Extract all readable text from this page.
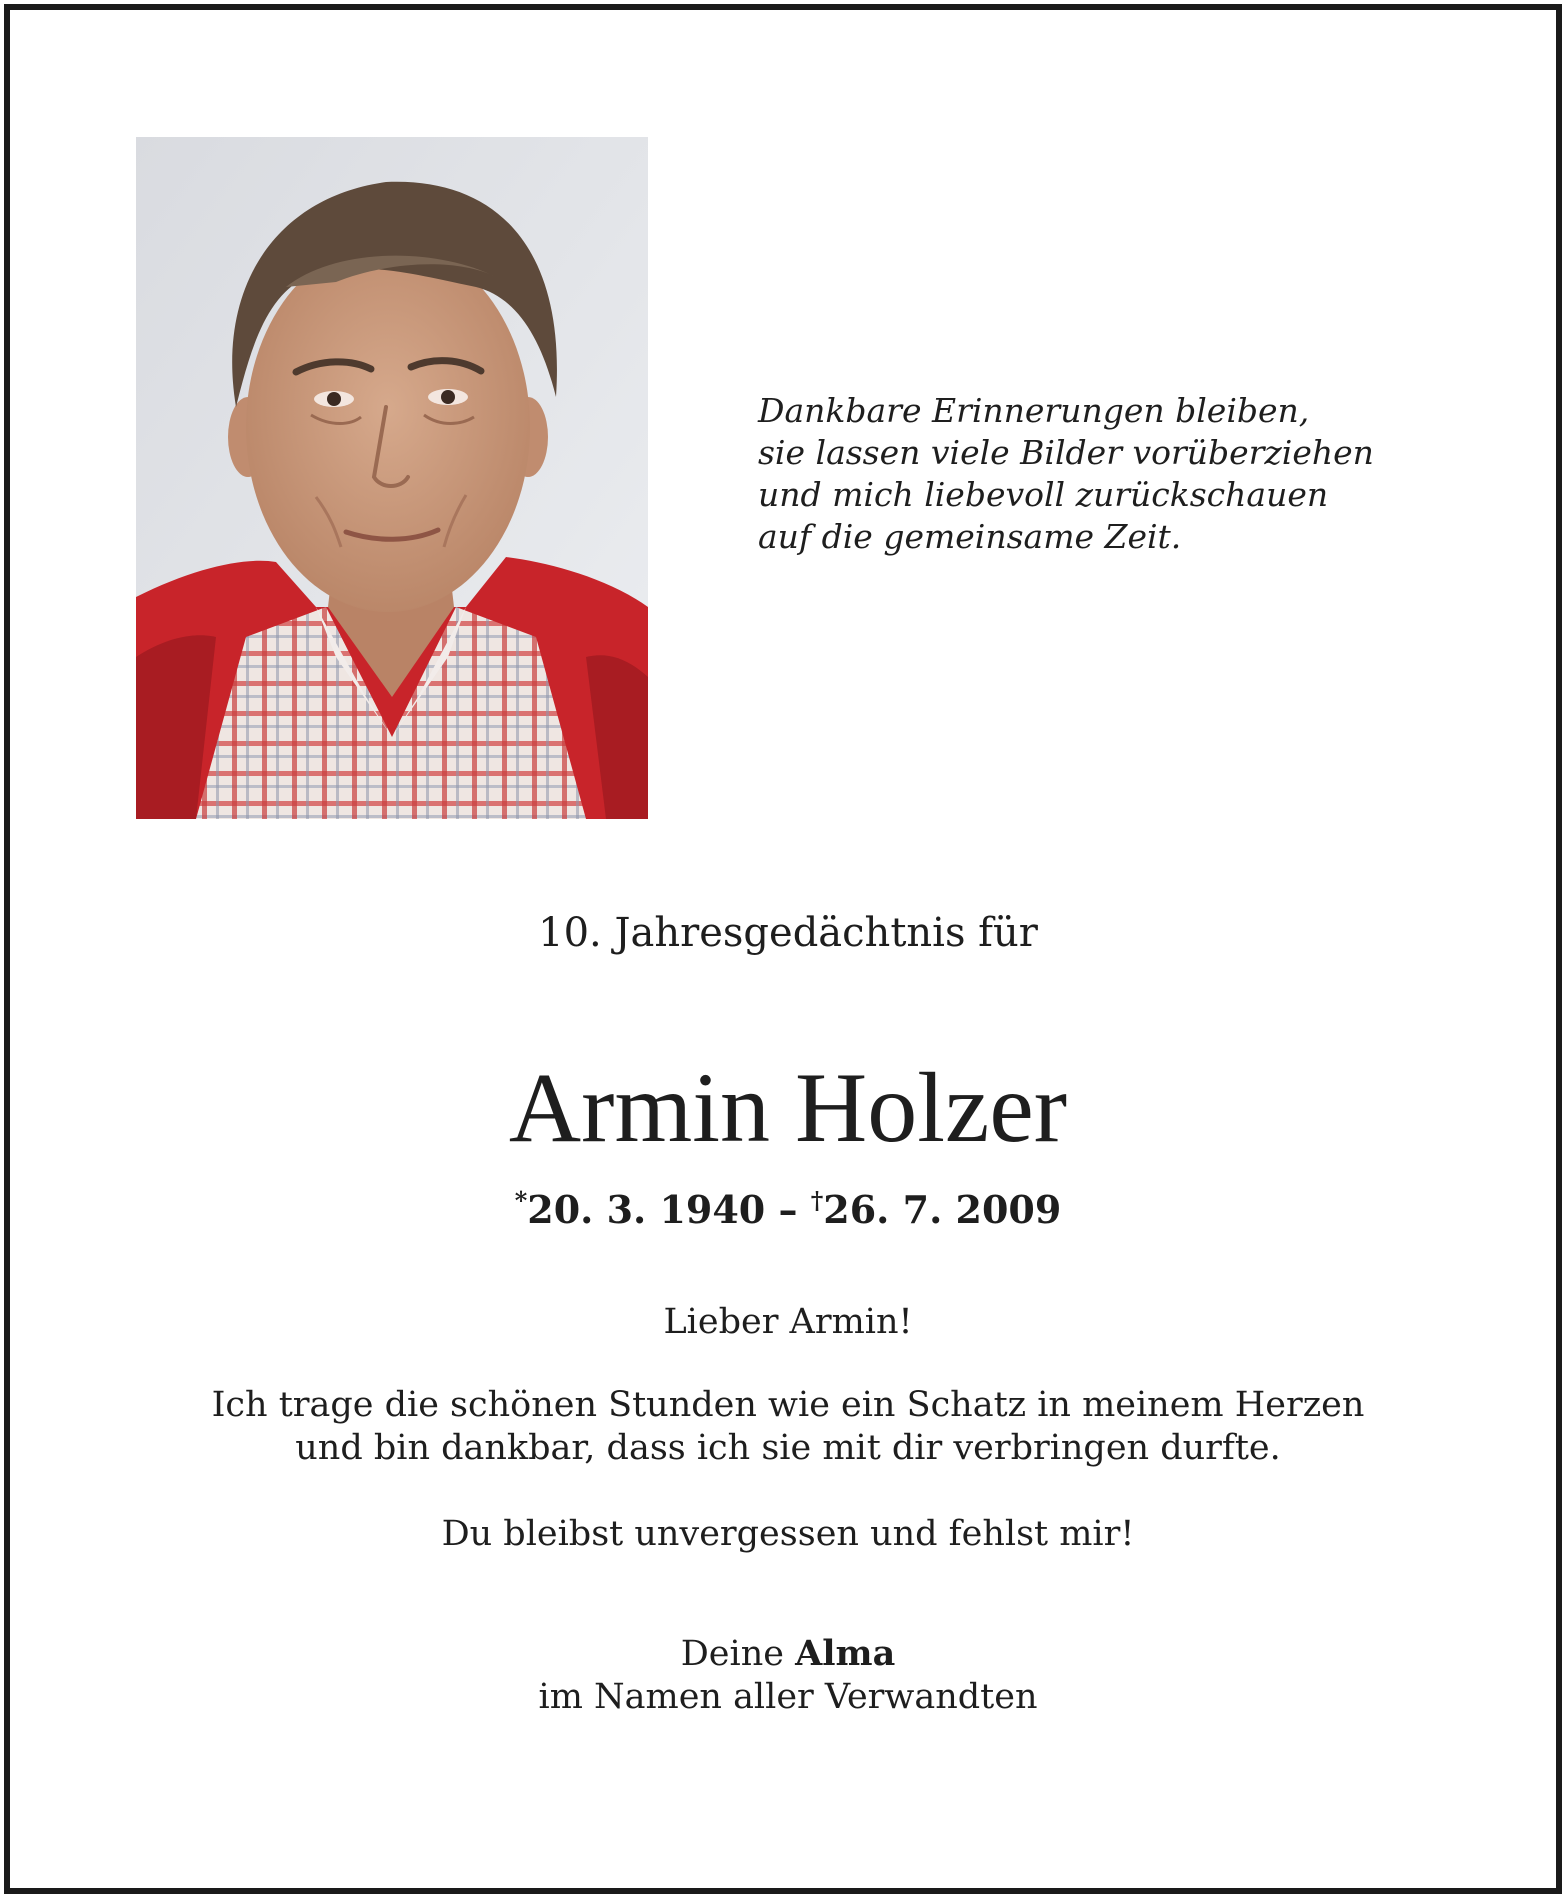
Dankbare Erinnerungen bleiben,
sie lassen viele Bilder vorüberziehen
und mich liebevoll zurückschauen
auf die gemeinsame Zeit.
10. Jahresgedächtnis für
Armin Holzer
*20. 3. 1940 – †26. 7. 2009
Lieber Armin!
Ich trage die schönen Stunden wie ein Schatz in meinem Herzen
und bin dankbar, dass ich sie mit dir verbringen durfte.
Du bleibst unvergessen und fehlst mir!
Deine Alma
im Namen aller Verwandten
